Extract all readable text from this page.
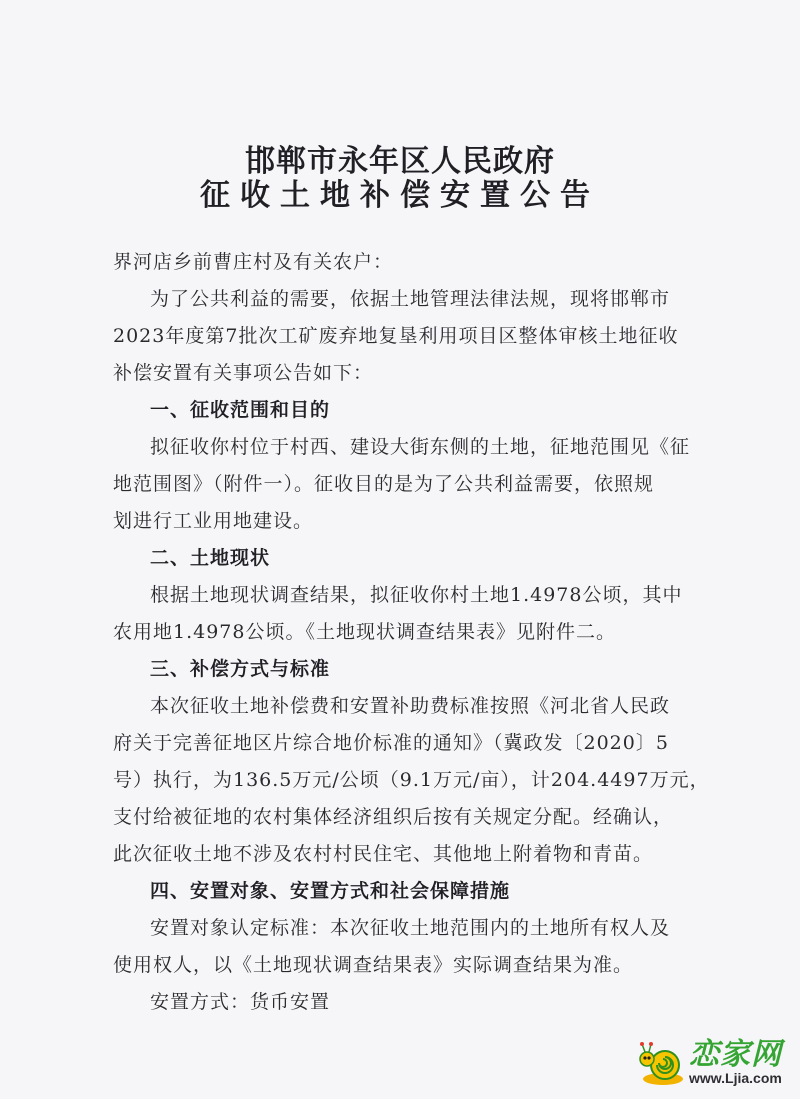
邯郸市永年区人民政府
征收土地补偿安置公告

界河店乡前曹庄村及有关农户：

为了公共利益的需要，依据土地管理法律法规，现将邯郸市

2023年度第7批次工矿废弃地复垦利用项目区整体审核土地征收

补偿安置有关事项公告如下：

一、征收范围和目的

拟征收你村位于村西、建设大街东侧的土地，征地范围见《征

地范围图》（附件一）。征收目的是为了公共利益需要，依照规

划进行工业用地建设。

二、土地现状

根据土地现状调查结果，拟征收你村土地1.4978公顷，其中

农用地1.4978公顷。《土地现状调查结果表》见附件二。

三、补偿方式与标准

本次征收土地补偿费和安置补助费标准按照《河北省人民政

府关于完善征地区片综合地价标准的通知》（冀政发〔2020〕5

号）执行，为136.5万元/公顷（9.1万元/亩），计204.4497万元，

支付给被征地的农村集体经济组织后按有关规定分配。经确认，

此次征收土地不涉及农村村民住宅、其他地上附着物和青苗。

四、安置对象、安置方式和社会保障措施

安置对象认定标准：本次征收土地范围内的土地所有权人及

使用权人，以《土地现状调查结果表》实际调查结果为准。

安置方式：货币安置

恋家网
www.Ljia.com
